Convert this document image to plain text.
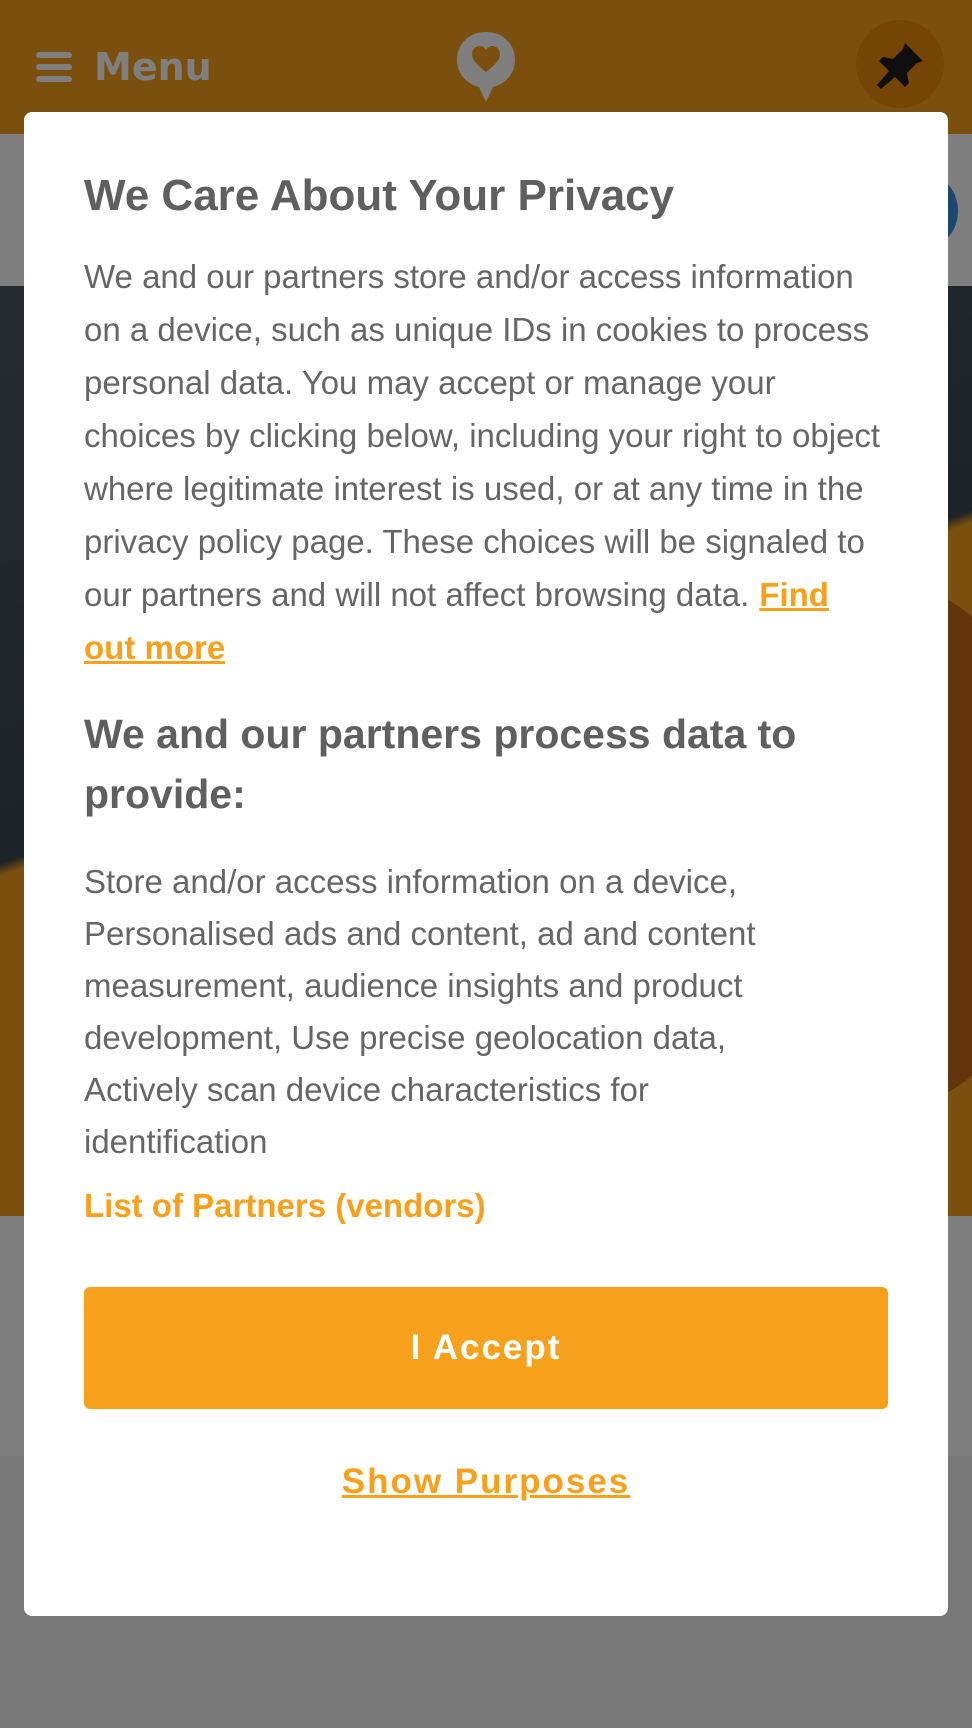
We Care About Your Privacy

We and our partners store and/or access information on a device, such as unique IDs in cookies to process personal data. You may accept or manage your choices by clicking below, including your right to object where legitimate interest is used, or at any time in the privacy policy page. These choices will be signaled to our partners and will not affect browsing data. Find out more

We and our partners process data to provide:

Store and/or access information on a device, Personalised ads and content, ad and content measurement, audience insights and product development, Use precise geolocation data, Actively scan device characteristics for identification

List of Partners (vendors)
I Accept
Show Purposes
